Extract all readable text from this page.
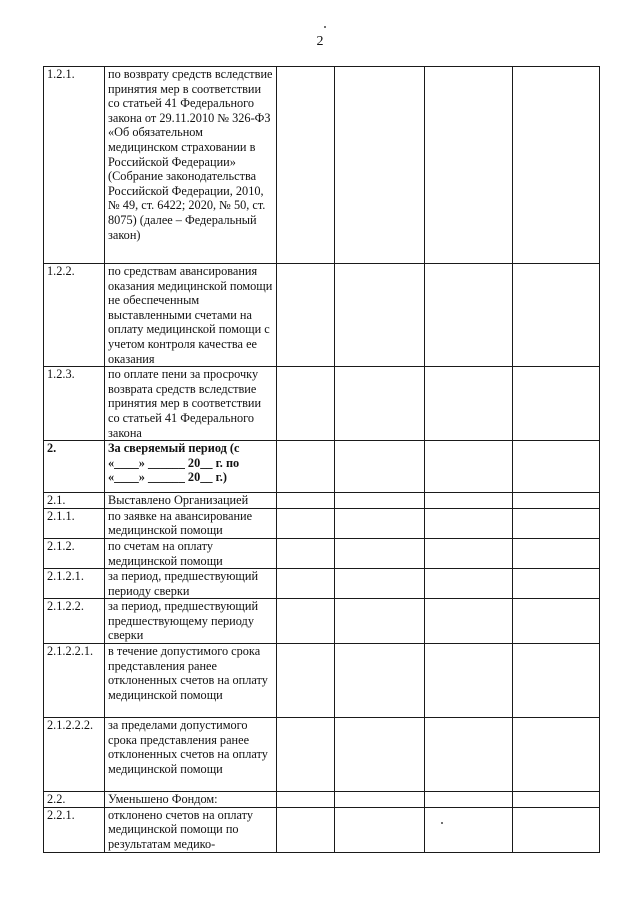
2
1.2.1.	по возврату средств вследствие принятия мер в соответствии со статьей 41 Федерального закона от 29.11.2010 № 326-ФЗ «Об обязательном медицинском страховании в Российской Федерации» (Собрание законодательства Российской Федерации, 2010, № 49, ст. 6422; 2020, № 50, ст. 8075) (далее – Федеральный закон)				
1.2.2.	по средствам авансирования оказания медицинской помощи не обеспеченным выставленными счетами на оплату медицинской помощи с учетом контроля качества ее оказания				
1.2.3.	по оплате пени за просрочку возврата средств вследствие принятия мер в соответствии со статьей 41 Федерального закона				
2.	За сверяемый период (с «____» ______ 20__ г. по «____» ______ 20__ г.)				
2.1.	Выставлено Организацией				
2.1.1.	по заявке на авансирование медицинской помощи				
2.1.2.	по счетам на оплату медицинской помощи				
2.1.2.1.	за период, предшествующий периоду сверки				
2.1.2.2.	за период, предшествующий предшествующему периоду сверки				
2.1.2.2.1.	в течение допустимого срока представления ранее отклоненных счетов на оплату медицинской помощи				
2.1.2.2.2.	за пределами допустимого срока представления ранее отклоненных счетов на оплату медицинской помощи				
2.2.	Уменьшено Фондом:				
2.2.1.	отклонено счетов на оплату медицинской помощи по результатам медико-				
